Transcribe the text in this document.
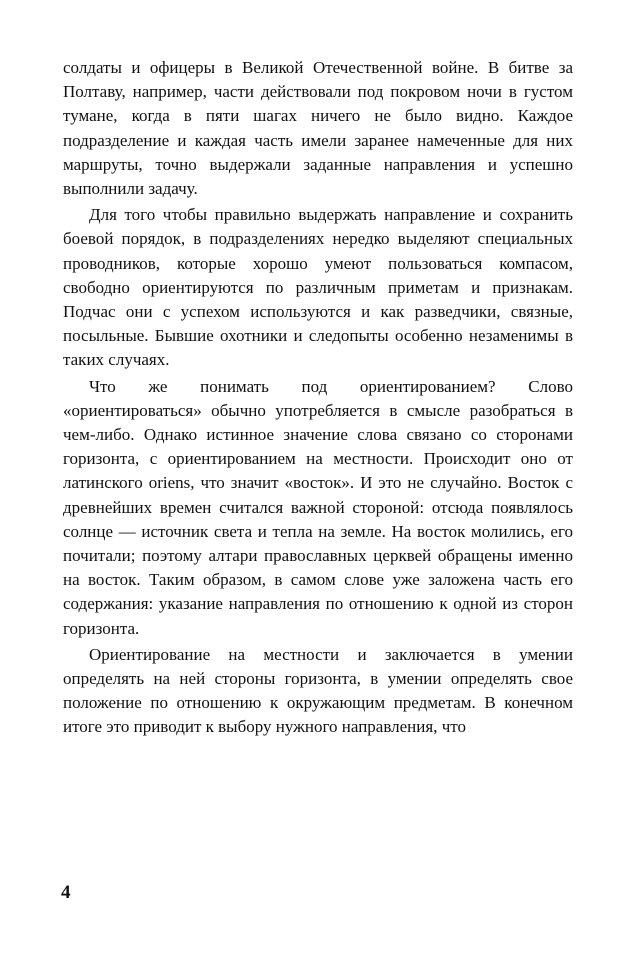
солдаты и офицеры в Великой Отечественной войне. В битве за Полтаву, например, части действовали под покровом ночи в густом тумане, когда в пяти шагах ничего не было видно. Каждое подразделение и каждая часть имели заранее намеченные для них маршруты, точно выдержали заданные направления и успешно выполнили задачу.

Для того чтобы правильно выдержать направление и сохранить боевой порядок, в подразделениях нередко выделяют специальных проводников, которые хорошо умеют пользоваться компасом, свободно ориентируются по различным приметам и признакам. Подчас они с успехом используются и как разведчики, связные, посыльные. Бывшие охотники и следопыты особенно незаменимы в таких случаях.

Что же понимать под ориентированием? Слово «ориентироваться» обычно употребляется в смысле разобраться в чем-либо. Однако истинное значение слова связано со сторонами горизонта, с ориентированием на местности. Происходит оно от латинского oriens, что значит «восток». И это не случайно. Восток с древнейших времен считался важной стороной: отсюда появлялось солнце — источник света и тепла на земле. На восток молились, его почитали; поэтому алтари православных церквей обращены именно на восток. Таким образом, в самом слове уже заложена часть его содержания: указание направления по отношению к одной из сторон горизонта.

Ориентирование на местности и заключается в умении определять на ней стороны горизонта, в умении определять свое положение по отношению к окружающим предметам. В конечном итоге это приводит к выбору нужного направления, что

4
